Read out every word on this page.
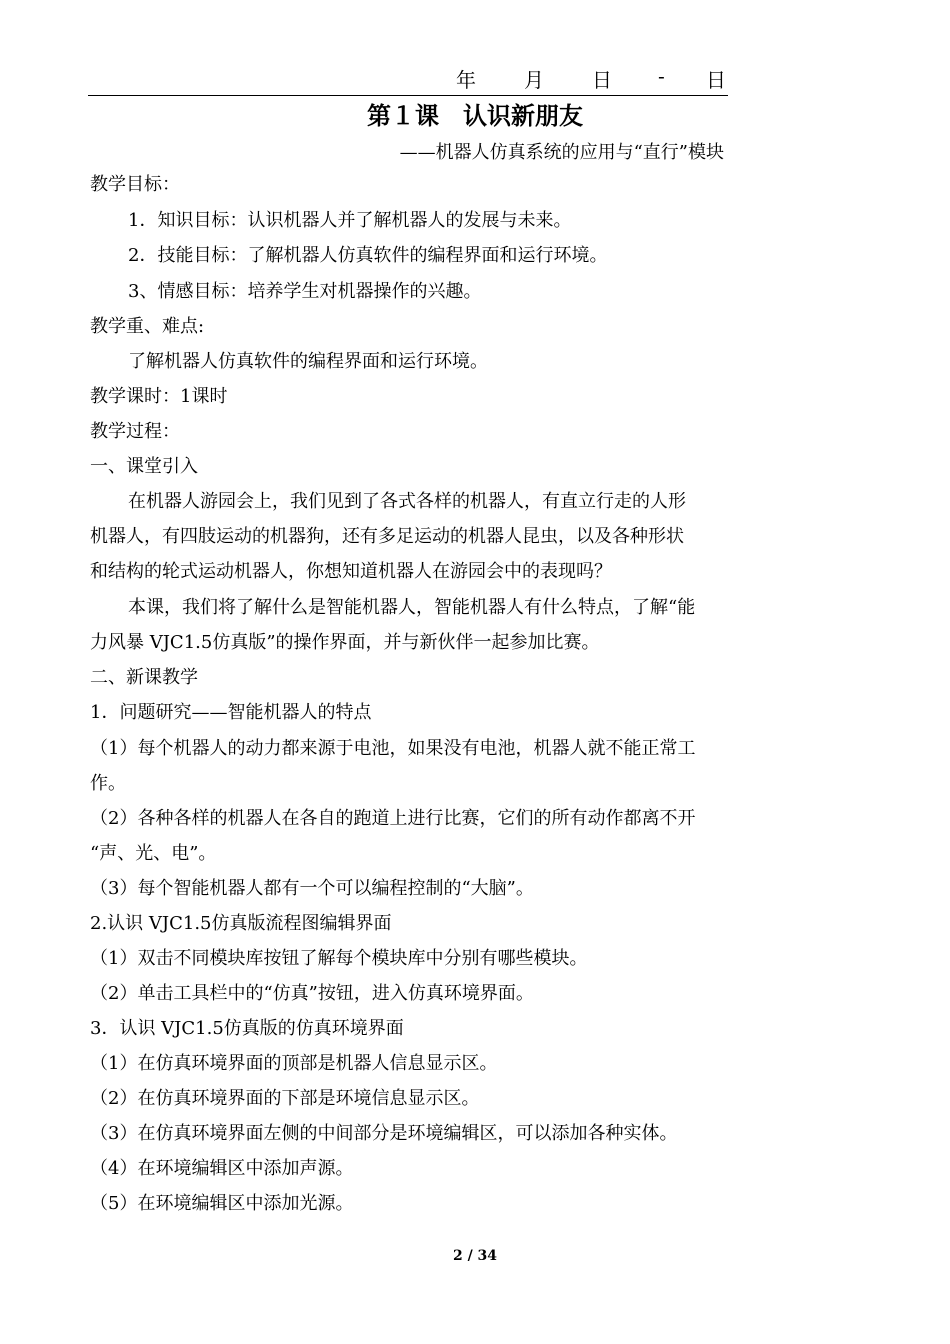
年 月 日 - 日
第１课　认识新朋友
——机器人仿真系统的应用与“直行”模块
教学目标：
1．知识目标：认识机器人并了解机器人的发展与未来。
2．技能目标：了解机器人仿真软件的编程界面和运行环境。
3、情感目标：培养学生对机器操作的兴趣。
教学重、难点:
了解机器人仿真软件的编程界面和运行环境。
教学课时：1课时
教学过程：
一、课堂引入
在机器人游园会上，我们见到了各式各样的机器人，有直立行走的人形
机器人，有四肢运动的机器狗，还有多足运动的机器人昆虫，以及各种形状
和结构的轮式运动机器人，你想知道机器人在游园会中的表现吗？
本课，我们将了解什么是智能机器人，智能机器人有什么特点，了解“能
力风暴 VJC1.5仿真版”的操作界面，并与新伙伴一起参加比赛。
二、新课教学
1．问题研究——智能机器人的特点
（1）每个机器人的动力都来源于电池，如果没有电池，机器人就不能正常工
作。
（2）各种各样的机器人在各自的跑道上进行比赛，它们的所有动作都离不开
“声、光、电”。
（3）每个智能机器人都有一个可以编程控制的“大脑”。
2.认识 VJC1.5仿真版流程图编辑界面
（1）双击不同模块库按钮了解每个模块库中分别有哪些模块。
（2）单击工具栏中的“仿真”按钮，进入仿真环境界面。
3．认识 VJC1.5仿真版的仿真环境界面
（1）在仿真环境界面的顶部是机器人信息显示区。
（2）在仿真环境界面的下部是环境信息显示区。
（3）在仿真环境界面左侧的中间部分是环境编辑区，可以添加各种实体。
（4）在环境编辑区中添加声源。
（5）在环境编辑区中添加光源。
2 / 34
